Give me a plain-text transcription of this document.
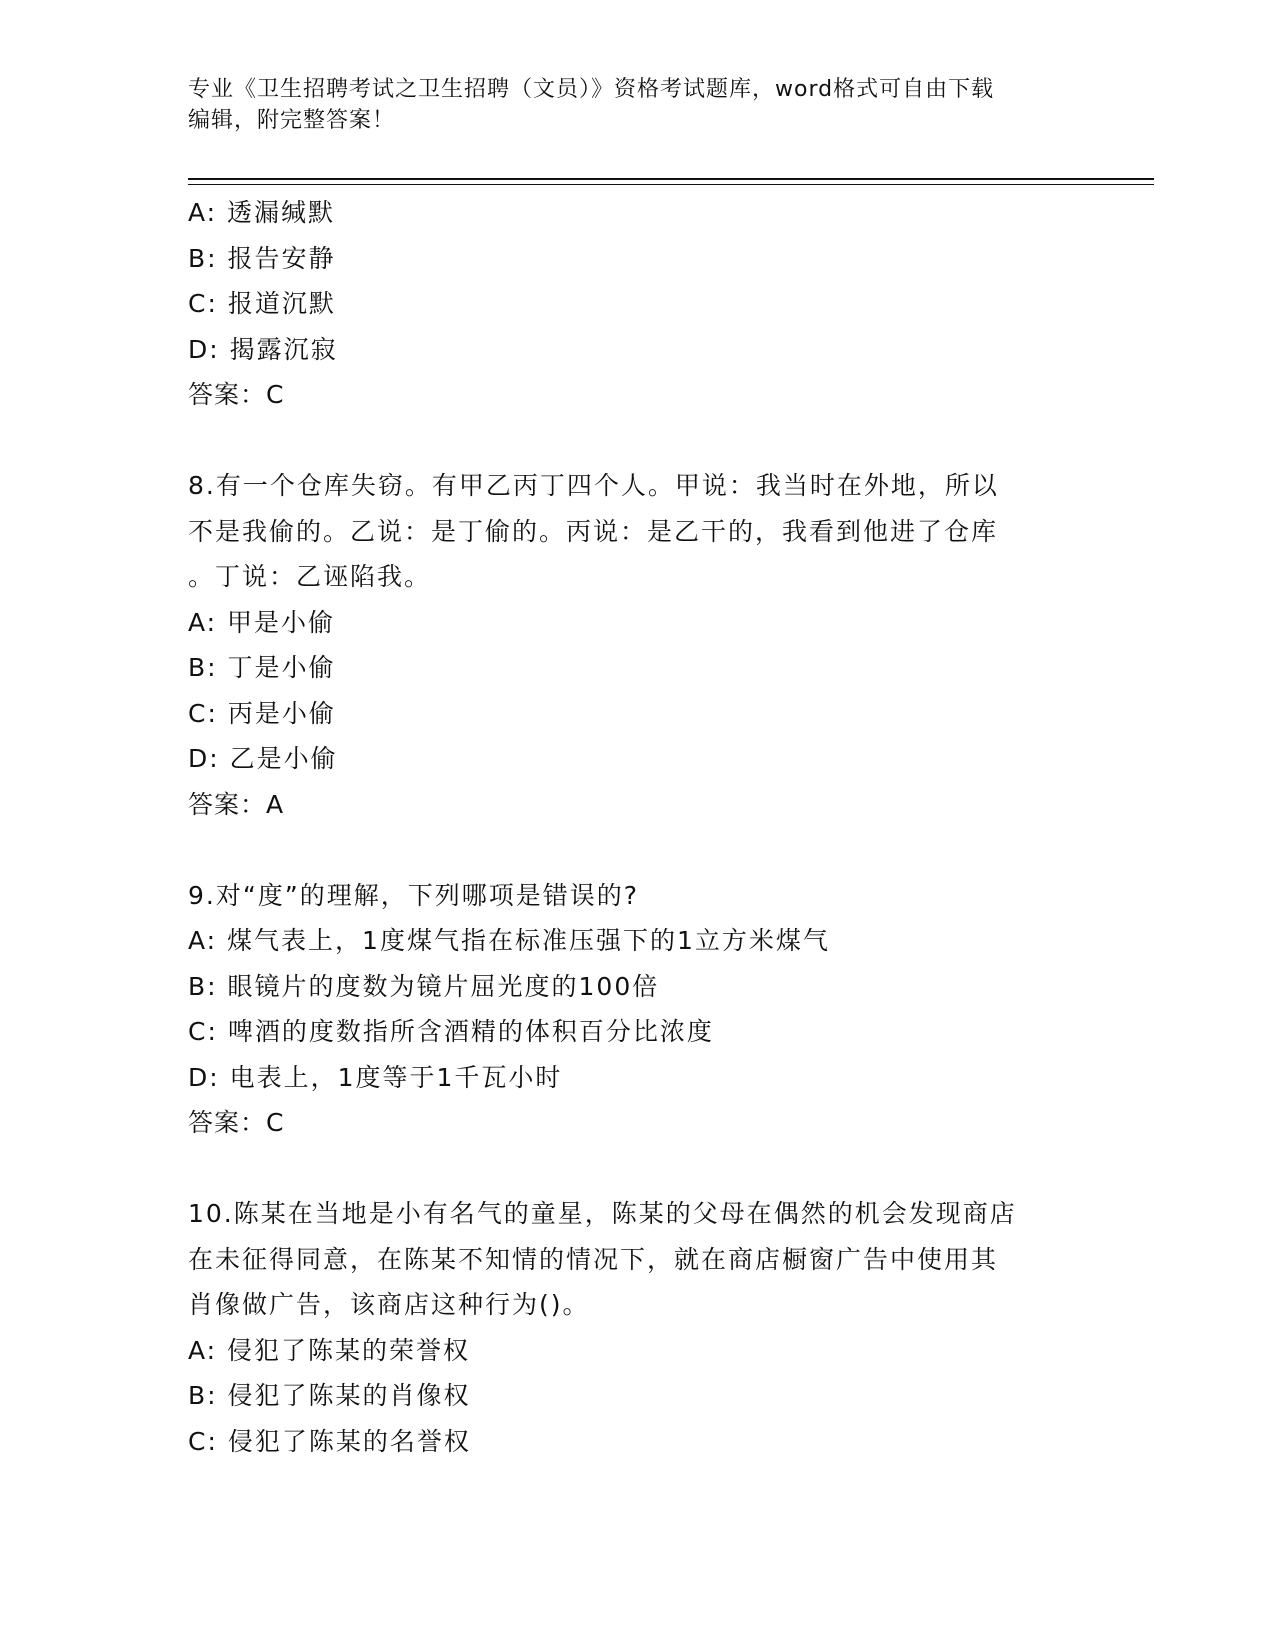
专业《卫生招聘考试之卫生招聘（文员）》资格考试题库，word格式可自由下载
编辑，附完整答案！
A: 透漏缄默
B: 报告安静
C: 报道沉默
D: 揭露沉寂
答案：C
8.有一个仓库失窃。有甲乙丙丁四个人。甲说：我当时在外地，所以
不是我偷的。乙说：是丁偷的。丙说：是乙干的，我看到他进了仓库
。丁说：乙诬陷我。
A: 甲是小偷
B: 丁是小偷
C: 丙是小偷
D: 乙是小偷
答案：A
9.对“度”的理解，下列哪项是错误的?
A: 煤气表上，1度煤气指在标准压强下的1立方米煤气
B: 眼镜片的度数为镜片屈光度的100倍
C: 啤酒的度数指所含酒精的体积百分比浓度
D: 电表上，1度等于1千瓦小时
答案：C
10.陈某在当地是小有名气的童星，陈某的父母在偶然的机会发现商店
在未征得同意，在陈某不知情的情况下，就在商店橱窗广告中使用其
肖像做广告，该商店这种行为()。
A: 侵犯了陈某的荣誉权
B: 侵犯了陈某的肖像权
C: 侵犯了陈某的名誉权
